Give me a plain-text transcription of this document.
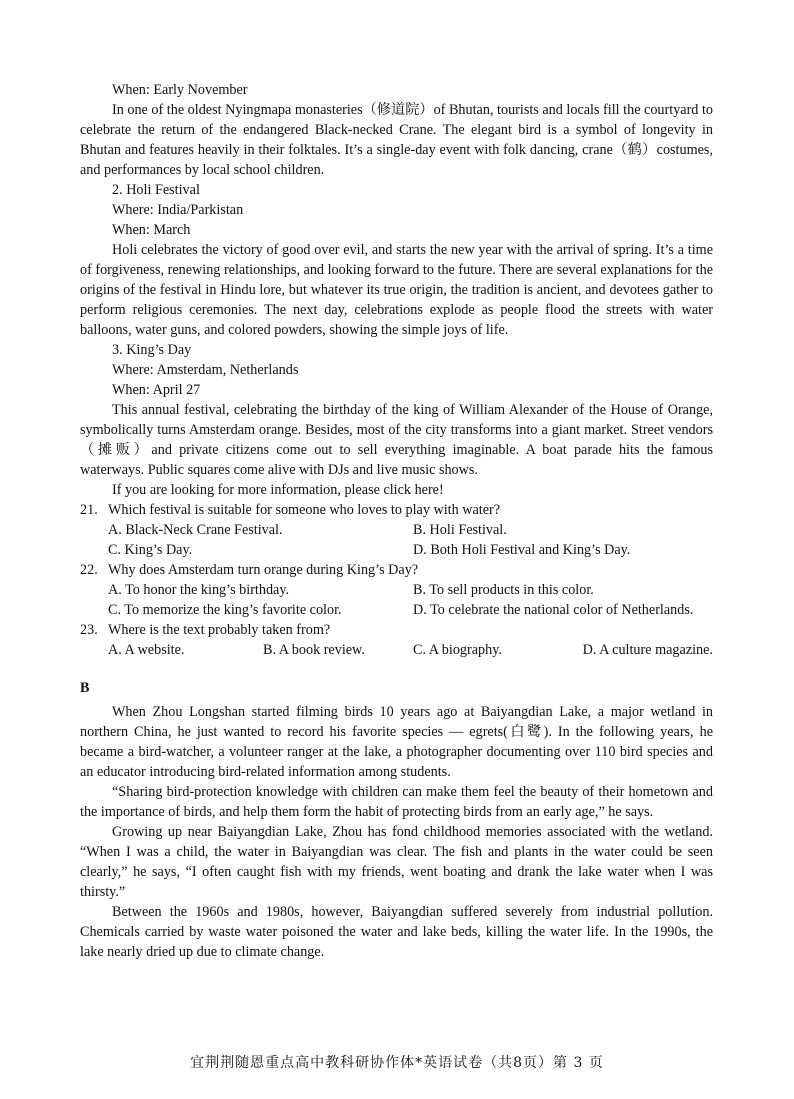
When: Early November

In one of the oldest Nyingmapa monasteries（修道院）of Bhutan, tourists and locals fill the courtyard to celebrate the return of the endangered Black-necked Crane. The elegant bird is a symbol of longevity in Bhutan and features heavily in their folktales. It’s a single-day event with folk dancing, crane（鹤）costumes, and performances by local school children.

2. Holi Festival

Where: India/Parkistan

When: March

Holi celebrates the victory of good over evil, and starts the new year with the arrival of spring. It’s a time of forgiveness, renewing relationships, and looking forward to the future. There are several explanations for the origins of the festival in Hindu lore, but whatever its true origin, the tradition is ancient, and devotees gather to perform religious ceremonies. The next day, celebrations explode as people flood the streets with water balloons, water guns, and colored powders, showing the simple joys of life.

3. King’s Day

Where: Amsterdam, Netherlands

When: April 27

This annual festival, celebrating the birthday of the king of William Alexander of the House of Orange, symbolically turns Amsterdam orange. Besides, most of the city transforms into a giant market. Street vendors（摊贩）and private citizens come out to sell everything imaginable. A boat parade hits the famous waterways. Public squares come alive with DJs and live music shows.

If you are looking for more information, please click here!

21. Which festival is suitable for someone who loves to play with water?
A. Black-Neck Crane Festival.	B. Holi Festival.
C. King’s Day.	D. Both Holi Festival and King’s Day.
22. Why does Amsterdam turn orange during King’s Day?
A. To honor the king’s birthday.	B. To sell products in this color.
C. To memorize the king’s favorite color.	D. To celebrate the national color of Netherlands.
23. Where is the text probably taken from?
A. A website.	B. A book review.	C. A biography.	D. A culture magazine.

B

When Zhou Longshan started filming birds 10 years ago at Baiyangdian Lake, a major wetland in northern China, he just wanted to record his favorite species — egrets(白鹭). In the following years, he became a bird-watcher, a volunteer ranger at the lake, a photographer documenting over 110 bird species and an educator introducing bird-related information among students.

“Sharing bird-protection knowledge with children can make them feel the beauty of their hometown and the importance of birds, and help them form the habit of protecting birds from an early age,” he says.

Growing up near Baiyangdian Lake, Zhou has fond childhood memories associated with the wetland. “When I was a child, the water in Baiyangdian was clear. The fish and plants in the water could be seen clearly,” he says, “I often caught fish with my friends, went boating and drank the lake water when I was thirsty.”

Between the 1960s and 1980s, however, Baiyangdian suffered severely from industrial pollution. Chemicals carried by waste water poisoned the water and lake beds, killing the water life. In the 1990s, the lake nearly dried up due to climate change.

宜荆荆随恩重点高中教科研协作体*英语试卷（共8页）第 3 页
